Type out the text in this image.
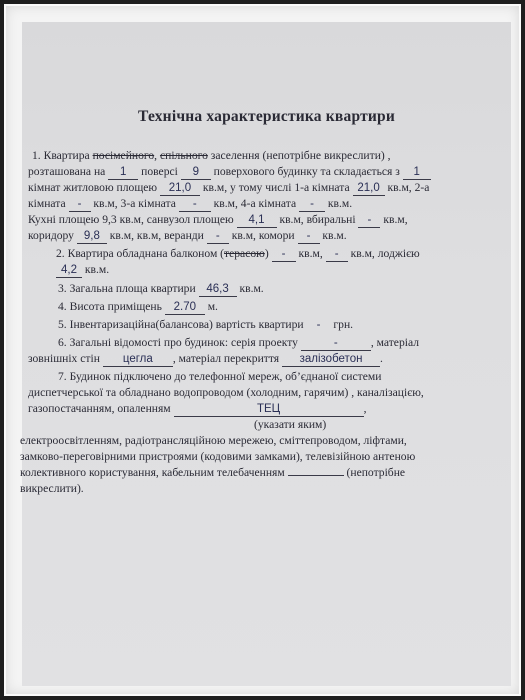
Технічна характеристика квартири
1. Квартира посімейного, спільного заселення (непотрібне викреслити) ,
розташована на 1 поверсі 9 поверхового будинку та складається з 1
кімнат житловою площею 21,0 кв.м, у тому числі 1-а кімната 21,0 кв.м, 2-а
кімната - кв.м, 3-а кімната - кв.м, 4-а кімната - кв.м.
Кухні площею 9,3 кв.м, санвузол площею 4,1 кв.м, вбиральні - кв.м,
коридору 9,8 кв.м, кв.м, веранди - кв.м, комори - кв.м.
2. Квартира обладнана балконом (терасою) - кв.м, - кв.м, лоджією
4,2 кв.м.
3. Загальна площа квартири 46,3 кв.м.
4. Висота приміщень 2.70 м.
5. Інвентаризаційна(балансова) вартість квартири - грн.
6. Загальні відомості про будинок: серія проекту	-	, матеріал
зовнішніх стін цегла , матеріал перекриття залізобетон .
7. Будинок підключено до телефонної мереж, об’єднаної системи
диспетчерської та обладнано водопроводом (холодним, гарячим) , каналізацією,
газопостачанням, опаленням	ТЕЦ	,
(указати яким)
електроосвітленням, радіотрансляційною мережею, сміттепроводом, ліфтами,
замково-переговірними пристроями (кодовими замками), телевізійною антеною
колективного користування, кабельним телебаченням	(непотрібне
викреслити).
